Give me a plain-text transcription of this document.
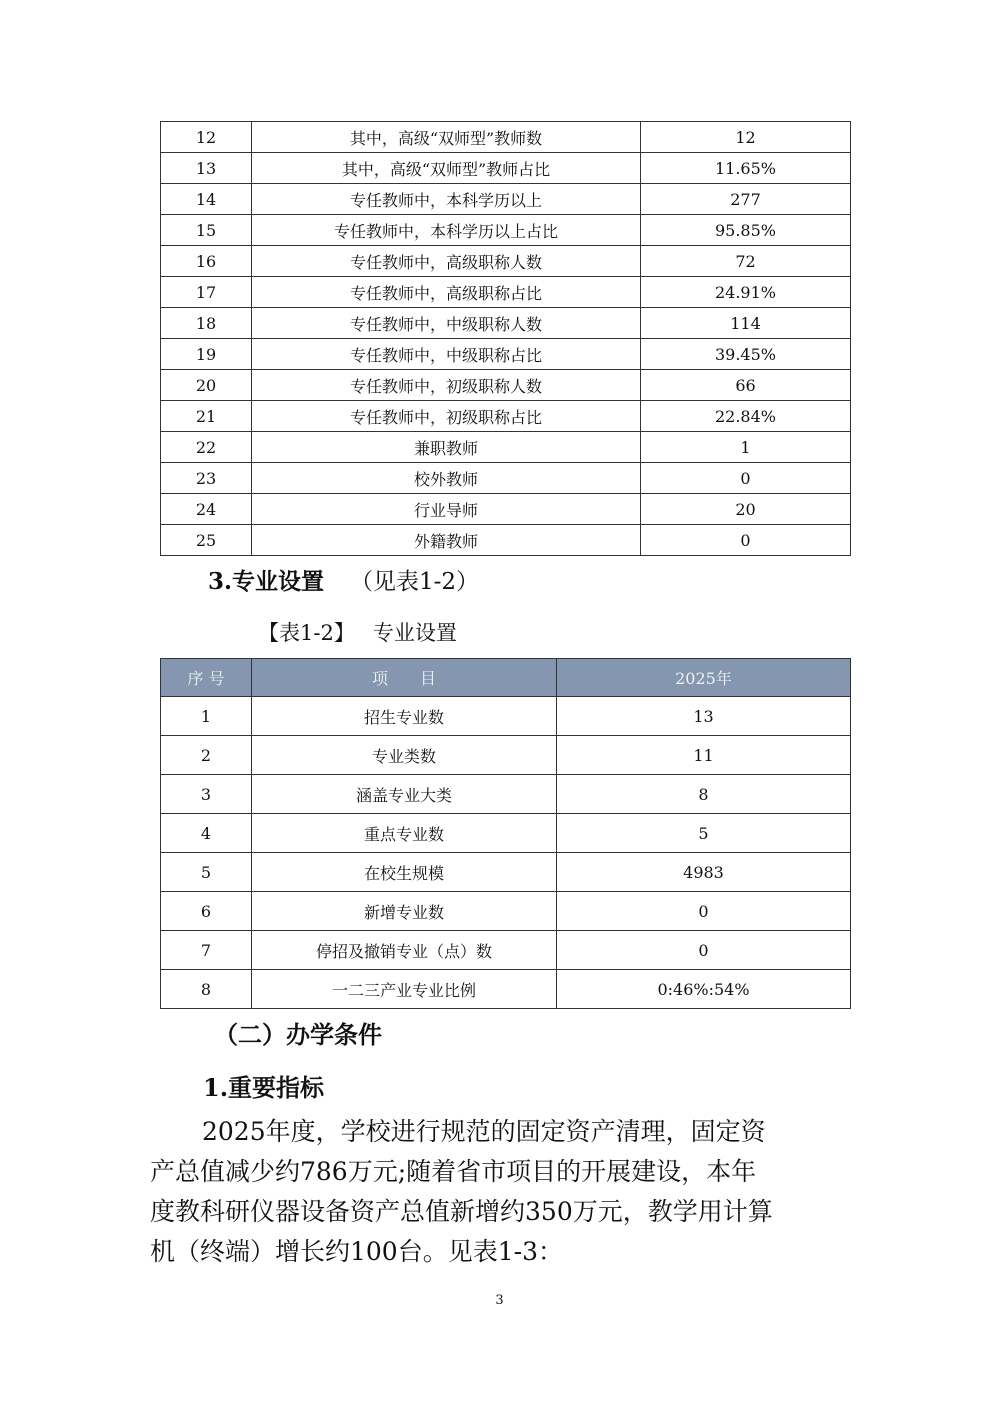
12	其中，高级“双师型”教师数	12
13	其中，高级“双师型”教师占比	11.65%
14	专任教师中，本科学历以上	277
15	专任教师中，本科学历以上占比	95.85%
16	专任教师中，高级职称人数	72
17	专任教师中，高级职称占比	24.91%
18	专任教师中，中级职称人数	114
19	专任教师中，中级职称占比	39.45%
20	专任教师中，初级职称人数	66
21	专任教师中，初级职称占比	22.84%
22	兼职教师	1
23	校外教师	0
24	行业导师	20
25	外籍教师	0
3.专业设置 （见表1-2）
【表1-2】 专业设置
序 号	项　　目	2025年
1	招生专业数	13
2	专业类数	11
3	涵盖专业大类	8
4	重点专业数	5
5	在校生规模	4983
6	新增专业数	0
7	停招及撤销专业（点）数	0
8	一二三产业专业比例	0:46%:54%
（二）办学条件
1.重要指标

2025年度，学校进行规范的固定资产清理，固定资
产总值减少约786万元;随着省市项目的开展建设，本年
度教科研仪器设备资产总值新增约350万元，教学用计算
机（终端）增长约100台。见表1-3：

3
